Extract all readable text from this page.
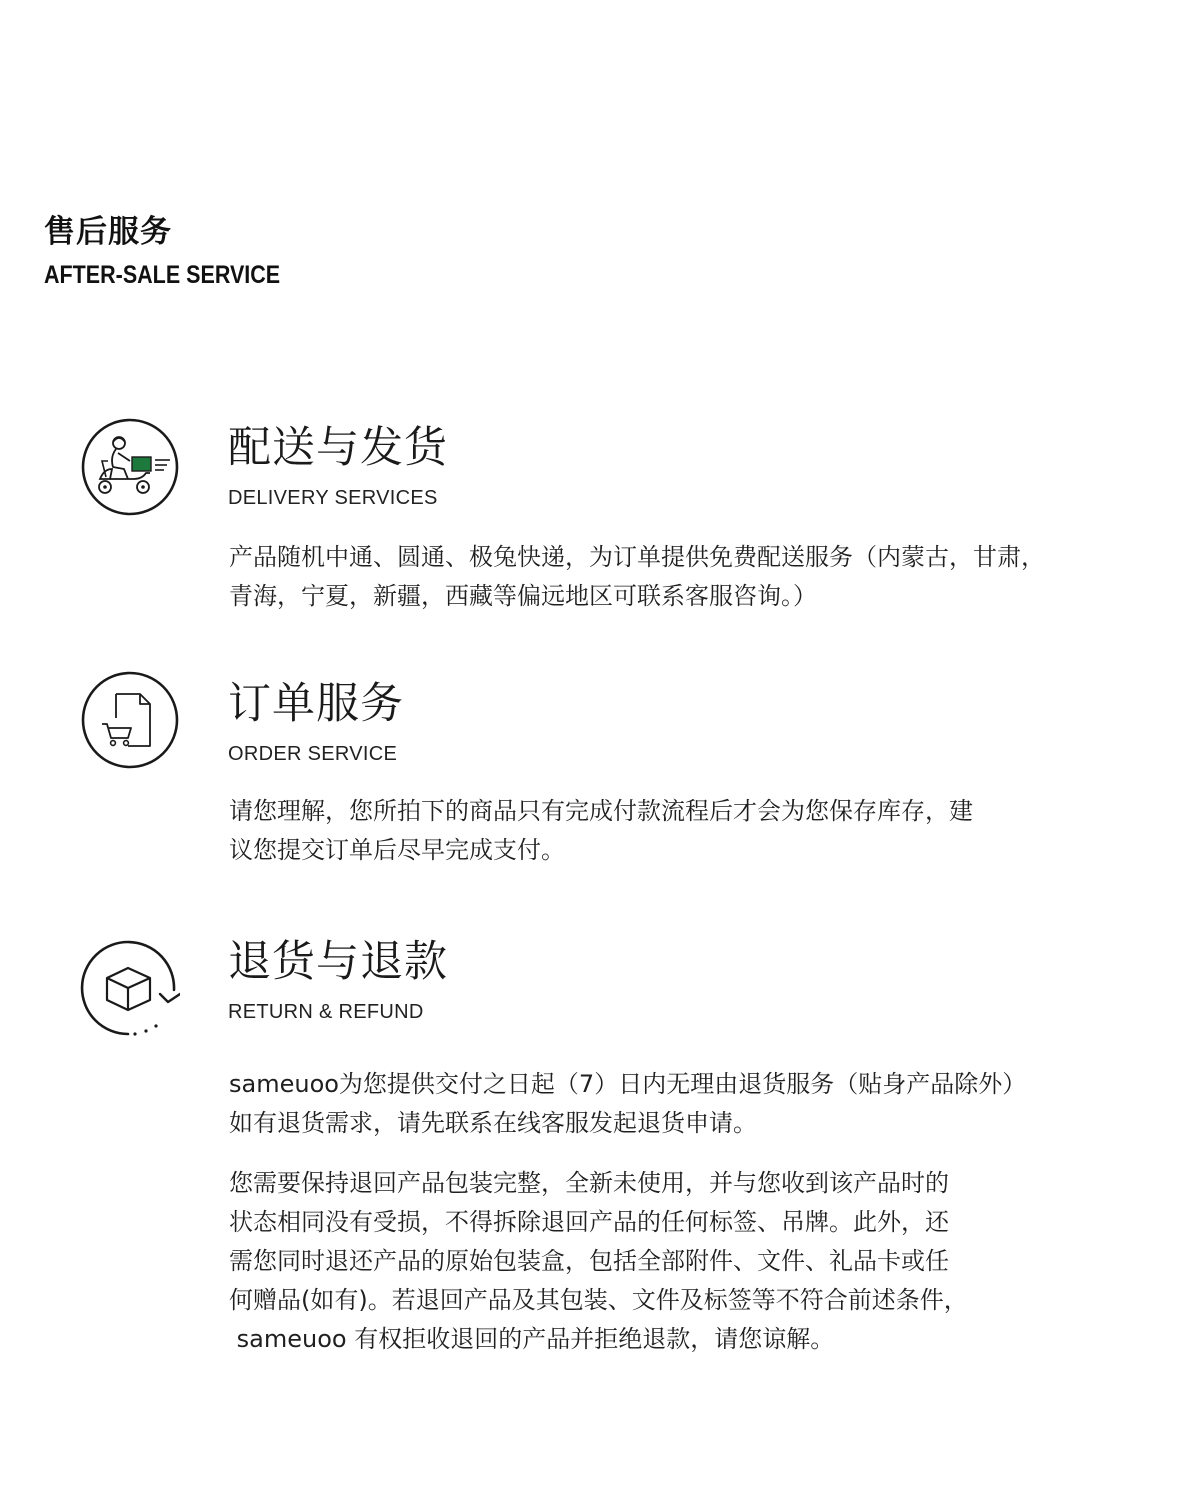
售后服务
AFTER-SALE SERVICE
配送与发货
DELIVERY SERVICES

产品随机中通、圆通、极兔快递，为订单提供免费配送服务（内蒙古，甘肃，

青海，宁夏，新疆，西藏等偏远地区可联系客服咨询。）

订单服务
ORDER SERVICE

请您理解，您所拍下的商品只有完成付款流程后才会为您保存库存，建

议您提交订单后尽早完成支付。

退货与退款
RETURN & REFUND

sameuoo为您提供交付之日起（7）日内无理由退货服务（贴身产品除外）

如有退货需求，请先联系在线客服发起退货申请。

您需要保持退回产品包装完整，全新未使用，并与您收到该产品时的

状态相同没有受损，不得拆除退回产品的任何标签、吊牌。此外，还

需您同时退还产品的原始包装盒，包括全部附件、文件、礼品卡或任

何赠品(如有)。若退回产品及其包装、文件及标签等不符合前述条件，

sameuoo 有权拒收退回的产品并拒绝退款，请您谅解。
